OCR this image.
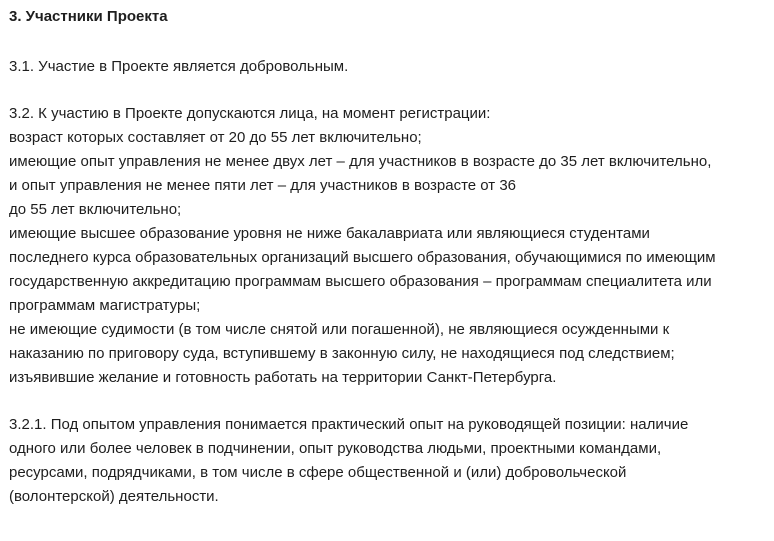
3. Участники Проекта

3.1. Участие в Проекте является добровольным.

3.2. К участию в Проекте допускаются лица, на момент регистрации:
возраст которых составляет от 20 до 55 лет включительно;
имеющие опыт управления не менее двух лет – для участников в возрасте до 35 лет включительно,
и опыт управления не менее пяти лет – для участников в возрасте от 36
до 55 лет включительно;
имеющие высшее образование уровня не ниже бакалавриата или являющиеся студентами
последнего курса образовательных организаций высшего образования, обучающимися по имеющим
государственную аккредитацию программам высшего образования – программам специалитета или
программам магистратуры;
не имеющие судимости (в том числе снятой или погашенной), не являющиеся осужденными к
наказанию по приговору суда, вступившему в законную силу, не находящиеся под следствием;
изъявившие желание и готовность работать на территории Санкт-Петербурга.

3.2.1. Под опытом управления понимается практический опыт на руководящей позиции: наличие
одного или более человек в подчинении, опыт руководства людьми, проектными командами,
ресурсами, подрядчиками, в том числе в сфере общественной и (или) добровольческой
(волонтерской) деятельности.
